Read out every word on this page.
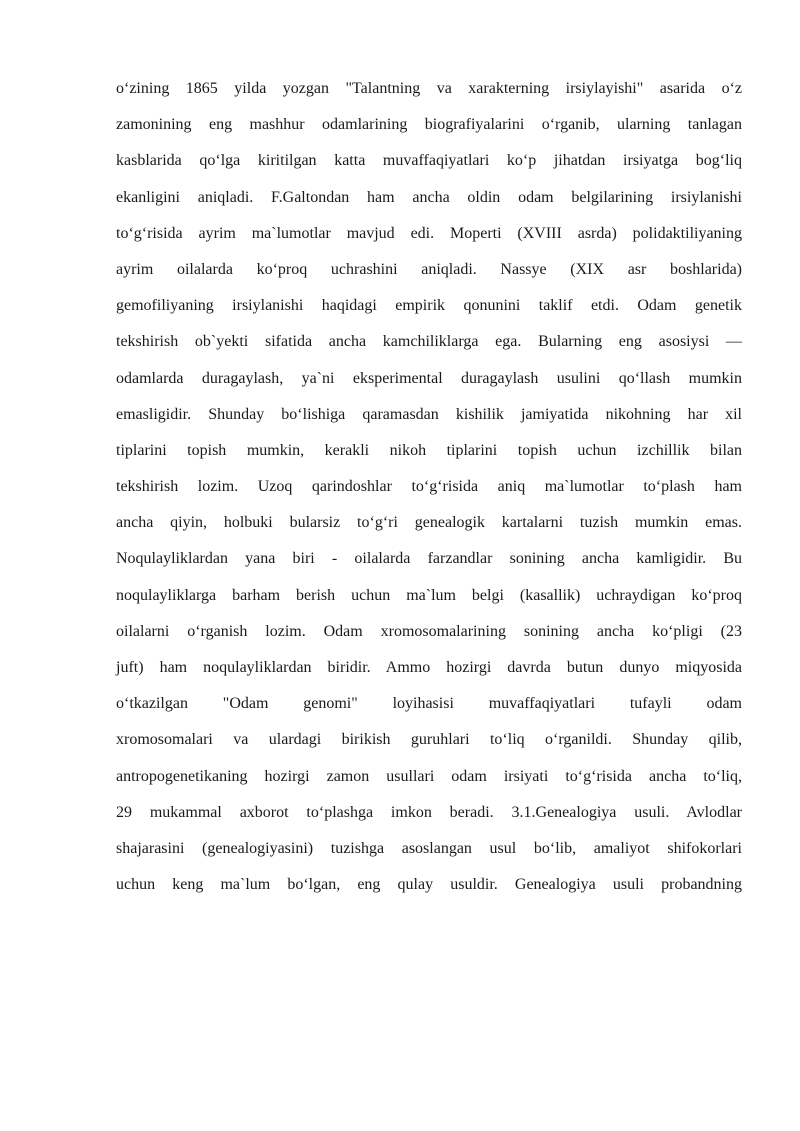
o‘zining 1865 yilda yozgan "Talantning va xarakterning irsiylayishi" asarida o‘z
zamonining eng mashhur odamlarining biografiyalarini o‘rganib, ularning tanlagan
kasblarida qo‘lga kiritilgan katta muvaffaqiyatlari ko‘p jihatdan irsiyatga bog‘liq
ekanligini aniqladi. F.Galtondan ham ancha oldin odam belgilarining irsiylanishi
to‘g‘risida ayrim ma`lumotlar mavjud edi. Moperti (XVIII asrda) polidaktiliyaning
ayrim oilalarda ko‘proq uchrashini aniqladi. Nassye (XIX asr boshlarida)
gemofiliyaning irsiylanishi haqidagi empirik qonunini taklif etdi. Odam genetik
tekshirish ob`yekti sifatida ancha kamchiliklarga ega. Bularning eng asosiysi —
odamlarda duragaylash, ya`ni eksperimental duragaylash usulini qo‘llash mumkin
emasligidir. Shunday bo‘lishiga qaramasdan kishilik jamiyatida nikohning har xil
tiplarini topish mumkin, kerakli nikoh tiplarini topish uchun izchillik bilan
tekshirish lozim. Uzoq qarindoshlar to‘g‘risida aniq ma`lumotlar to‘plash ham
ancha qiyin, holbuki bularsiz to‘g‘ri genealogik kartalarni tuzish mumkin emas.
Noqulayliklardan yana biri - oilalarda farzandlar sonining ancha kamligidir. Bu
noqulayliklarga barham berish uchun ma`lum belgi (kasallik) uchraydigan ko‘proq
oilalarni o‘rganish lozim. Odam xromosomalarining sonining ancha ko‘pligi (23
juft) ham noqulayliklardan biridir. Ammo hozirgi davrda butun dunyo miqyosida
o‘tkazilgan "Odam genomi" loyihasisi muvaffaqiyatlari tufayli odam
xromosomalari va ulardagi birikish guruhlari to‘liq o‘rganildi. Shunday qilib,
antropogenetikaning hozirgi zamon usullari odam irsiyati to‘g‘risida ancha to‘liq,
29 mukammal axborot to‘plashga imkon beradi. 3.1.Genealogiya usuli. Avlodlar
shajarasini (genealogiyasini) tuzishga asoslangan usul bo‘lib, amaliyot shifokorlari
uchun keng ma`lum bo‘lgan, eng qulay usuldir. Genealogiya usuli probandning
